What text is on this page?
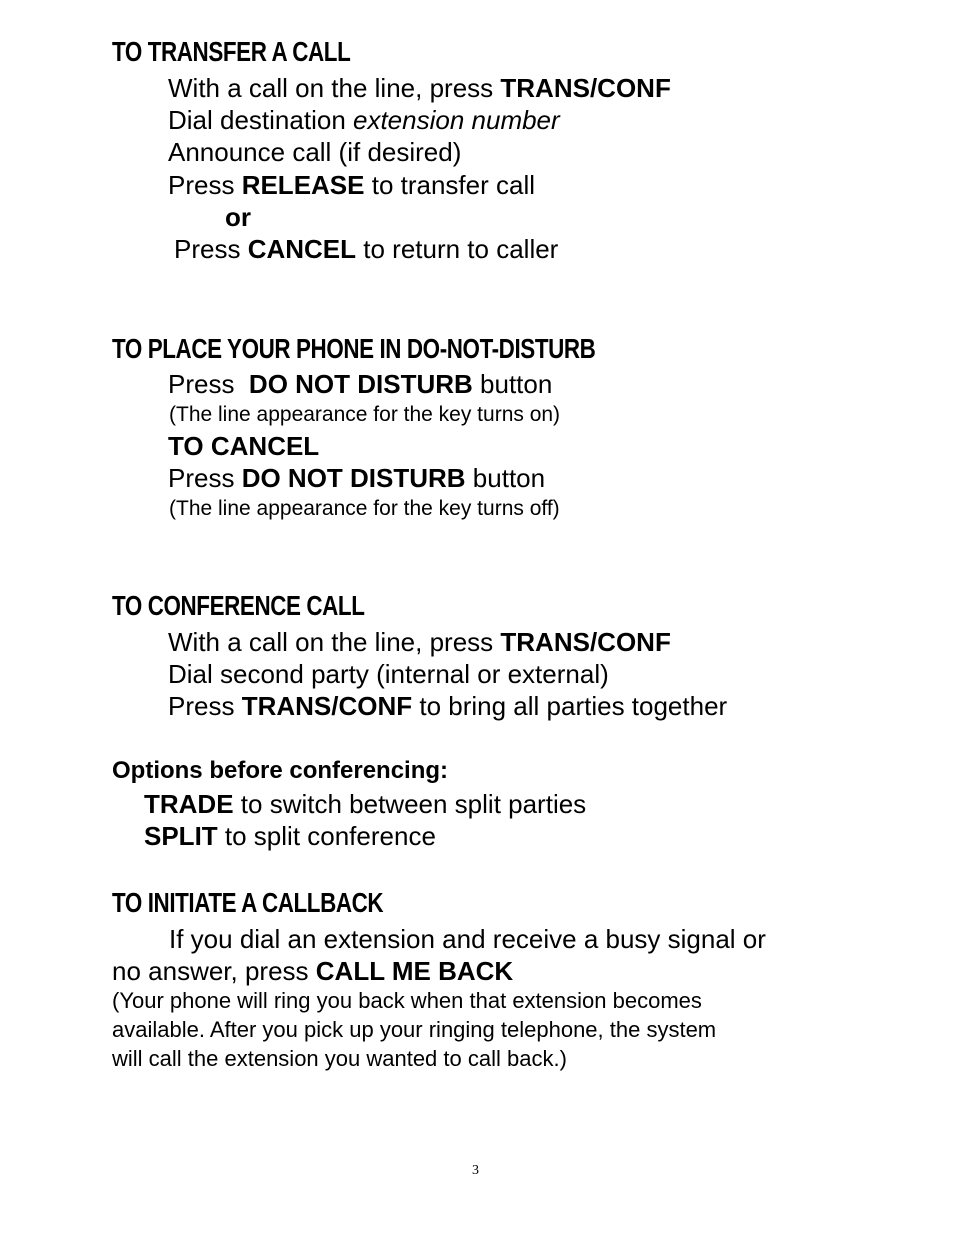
TO TRANSFER A CALL
With a call on the line, press TRANS/CONF
Dial destination extension number
Announce call (if desired)
Press RELEASE to transfer call
or
Press CANCEL to return to caller
TO PLACE YOUR PHONE IN DO-NOT-DISTURB
Press  DO NOT DISTURB button
(The line appearance for the key turns on)
TO CANCEL
Press DO NOT DISTURB button
(The line appearance for the key turns off)
TO CONFERENCE CALL
With a call on the line, press TRANS/CONF
Dial second party (internal or external)
Press TRANS/CONF to bring all parties together
Options before conferencing:
TRADE to switch between split parties
SPLIT to split conference
TO INITIATE A CALLBACK
If you dial an extension and receive a busy signal or
no answer, press CALL ME BACK
(Your phone will ring you back when that extension becomes
available. After you pick up your ringing telephone, the system
will call the extension you wanted to call back.)
3
